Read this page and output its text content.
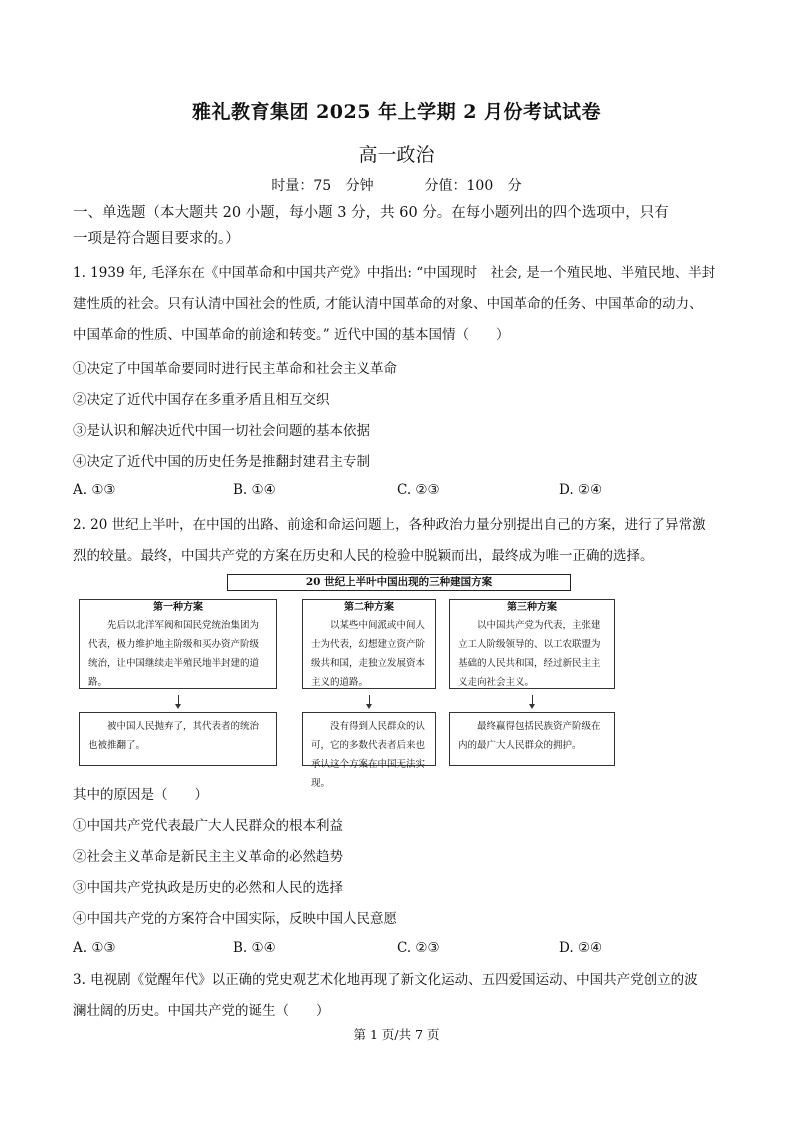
雅礼教育集团 2025 年上学期 2 月份考试试卷
高一政治
时量：75 分钟	分值：100 分
一、单选题（本大题共 20 小题，每小题 3 分，共 60 分。在每小题列出的四个选项中，只有
一项是符合题目要求的。）
1. 1939 年, 毛泽东在《中国革命和中国共产党》中指出: “中国现时　社会, 是一个殖民地、半殖民地、半封
建性质的社会。只有认清中国社会的性质, 才能认清中国革命的对象、中国革命的任务、中国革命的动力、
中国革命的性质、中国革命的前途和转变。” 近代中国的基本国情（　　）
①决定了中国革命要同时进行民主革命和社会主义革命
②决定了近代中国存在多重矛盾且相互交织
③是认识和解决近代中国一切社会问题的基本依据
④决定了近代中国的历史任务是推翻封建君主专制
A. ①③	B. ①④	C. ②③	D. ②④
2. 20 世纪上半叶，在中国的出路、前途和命运问题上，各种政治力量分别提出自己的方案，进行了异常激
烈的较量。最终，中国共产党的方案在历史和人民的检验中脱颖而出，最终成为唯一正确的选择。
20 世纪上半叶中国出现的三种建国方案
第一种方案
先后以北洋军阀和国民党统治集团为代表，极力维护地主阶级和买办资产阶级统治，让中国继续走半殖民地半封建的道路。
第二种方案
以某些中间派或中间人士为代表，幻想建立资产阶级共和国，走独立发展资本主义的道路。
第三种方案
以中国共产党为代表，主张建立工人阶级领导的、以工农联盟为基础的人民共和国，经过新民主主义走向社会主义。
被中国人民抛弃了，其代表者的统治也被推翻了。
没有得到人民群众的认可，它的多数代表者后来也承认这个方案在中国无法实现。
最终赢得包括民族资产阶级在内的最广大人民群众的拥护。
其中的原因是（　　）
①中国共产党代表最广大人民群众的根本利益
②社会主义革命是新民主主义革命的必然趋势
③中国共产党执政是历史的必然和人民的选择
④中国共产党的方案符合中国实际，反映中国人民意愿
A. ①③	B. ①④	C. ②③	D. ②④
3. 电视剧《觉醒年代》以正确的党史观艺术化地再现了新文化运动、五四爱国运动、中国共产党创立的波
澜壮阔的历史。中国共产党的诞生（　　）
第 1 页/共 7 页
